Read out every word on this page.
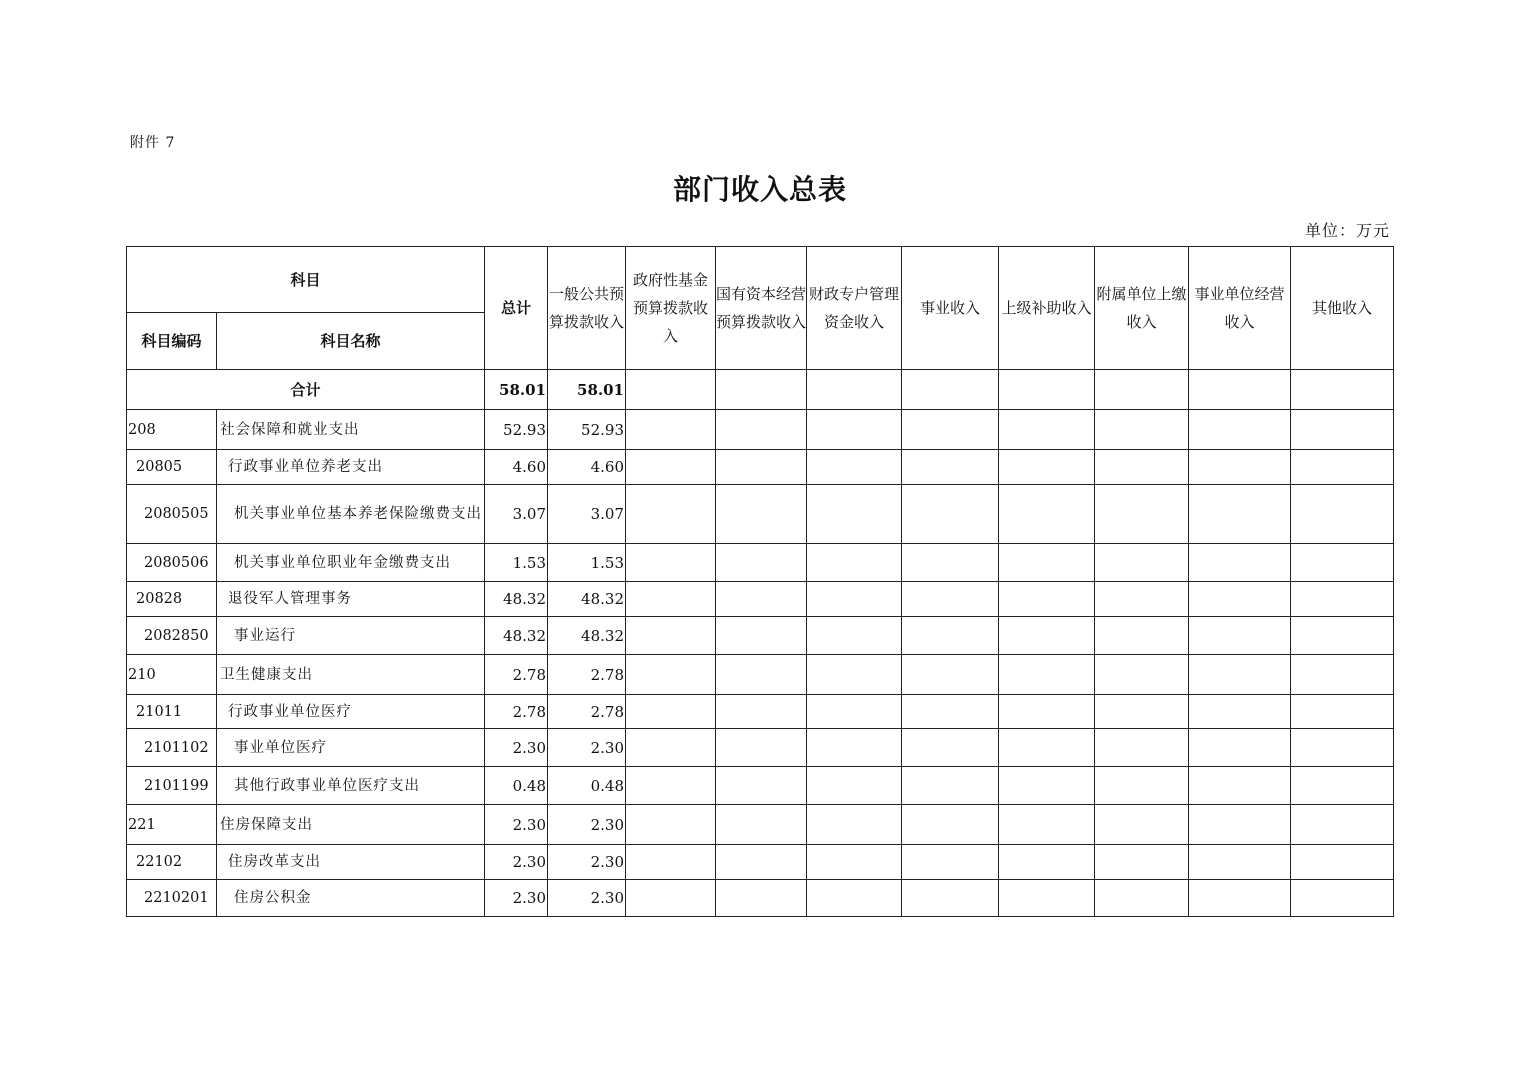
附件 7
部门收入总表
单位：万元
科目		总计	一般公共预算拨款收入	政府性基金预算拨款收入	国有资本经营预算拨款收入	财政专户管理资金收入	事业收入	上级补助收入	附属单位上缴收入	事业单位经营收入	其他收入
科目编码	科目名称										
合计		58.01	58.01								
208	社会保障和就业支出	52.93	52.93								
20805	行政事业单位养老支出	4.60	4.60								
2080505	机关事业单位基本养老保险缴费支出	3.07	3.07								
2080506	机关事业单位职业年金缴费支出	1.53	1.53								
20828	退役军人管理事务	48.32	48.32								
2082850	事业运行	48.32	48.32								
210	卫生健康支出	2.78	2.78								
21011	行政事业单位医疗	2.78	2.78								
2101102	事业单位医疗	2.30	2.30								
2101199	其他行政事业单位医疗支出	0.48	0.48								
221	住房保障支出	2.30	2.30								
22102	住房改革支出	2.30	2.30								
2210201	住房公积金	2.30	2.30								
